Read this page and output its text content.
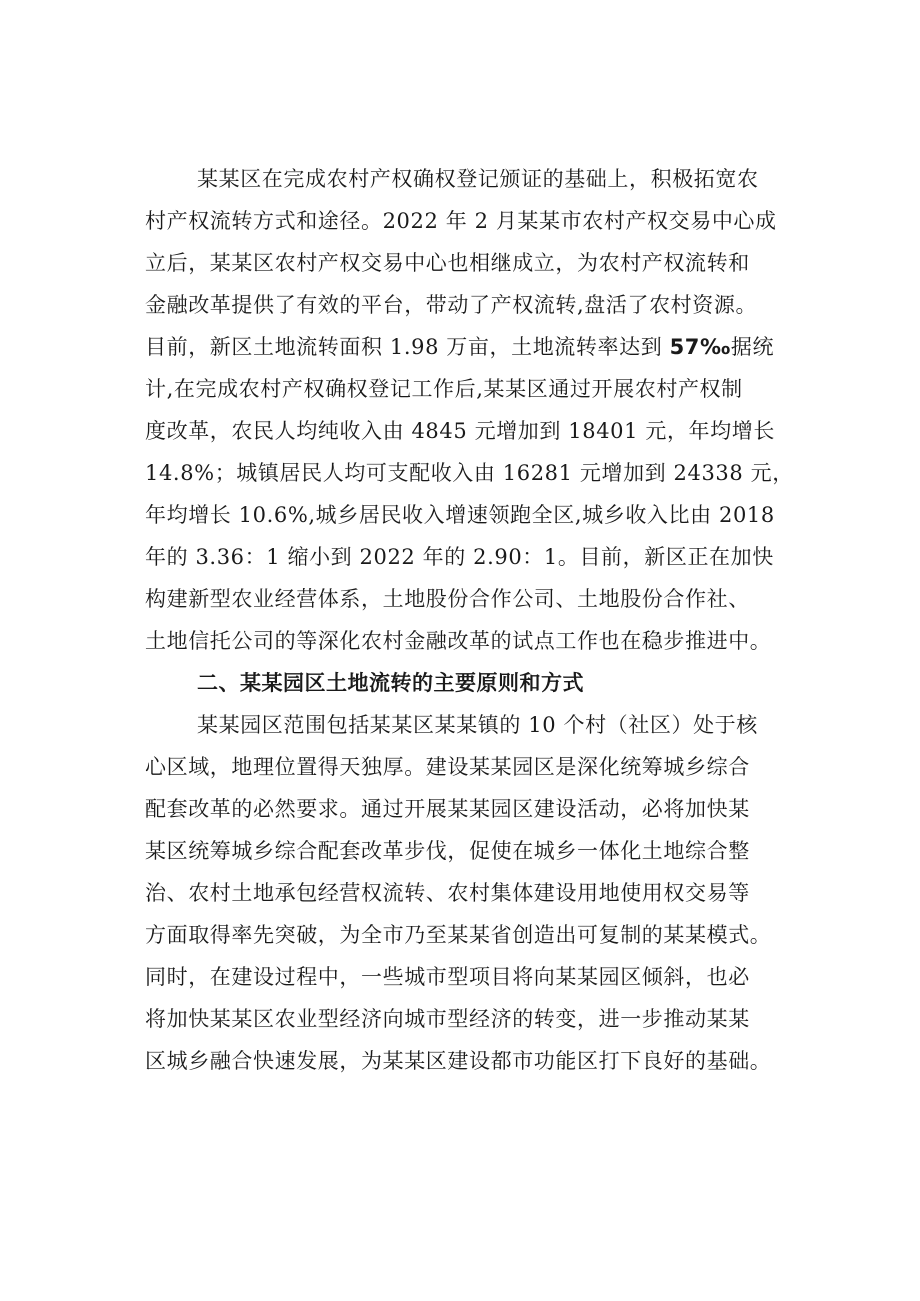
某某区在完成农村产权确权登记颁证的基础上，积极拓宽农
村产权流转方式和途径。2022 年 2 月某某市农村产权交易中心成
立后，某某区农村产权交易中心也相继成立，为农村产权流转和
金融改革提供了有效的平台，带动了产权流转,盘活了农村资源。
目前，新区土地流转面积 1.98 万亩，土地流转率达到 57‰据统
计,在完成农村产权确权登记工作后,某某区通过开展农村产权制
度改革，农民人均纯收入由 4845 元增加到 18401 元，年均增长
14.8%；城镇居民人均可支配收入由 16281 元增加到 24338 元，
年均增长 10.6%,城乡居民收入增速领跑全区,城乡收入比由 2018
年的 3.36：1 缩小到 2022 年的 2.90：1。目前，新区正在加快
构建新型农业经营体系，土地股份合作公司、土地股份合作社、
土地信托公司的等深化农村金融改革的试点工作也在稳步推进中。
二、某某园区土地流转的主要原则和方式
某某园区范围包括某某区某某镇的 10 个村（社区）处于核
心区域，地理位置得天独厚。建设某某园区是深化统筹城乡综合
配套改革的必然要求。通过开展某某园区建设活动，必将加快某
某区统筹城乡综合配套改革步伐，促使在城乡一体化土地综合整
治、农村土地承包经营权流转、农村集体建设用地使用权交易等
方面取得率先突破，为全市乃至某某省创造出可复制的某某模式。
同时，在建设过程中，一些城市型项目将向某某园区倾斜，也必
将加快某某区农业型经济向城市型经济的转变，进一步推动某某
区城乡融合快速发展，为某某区建设都市功能区打下良好的基础。
